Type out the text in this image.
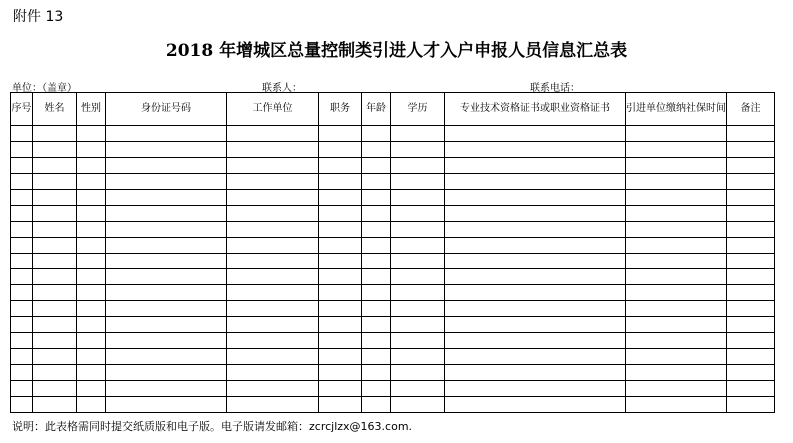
附件 13
2018 年增城区总量控制类引进人才入户申报人员信息汇总表
单位：（盖章）	联系人：	联系电话：
序号	姓名	性别	身份证号码	工作单位	职务	年龄	学历	专业技术资格证书或职业资格证书	引进单位缴纳社保时间	备注

说明：此表格需同时提交纸质版和电子版。电子版请发邮箱：zcrcjlzx@163.com.
